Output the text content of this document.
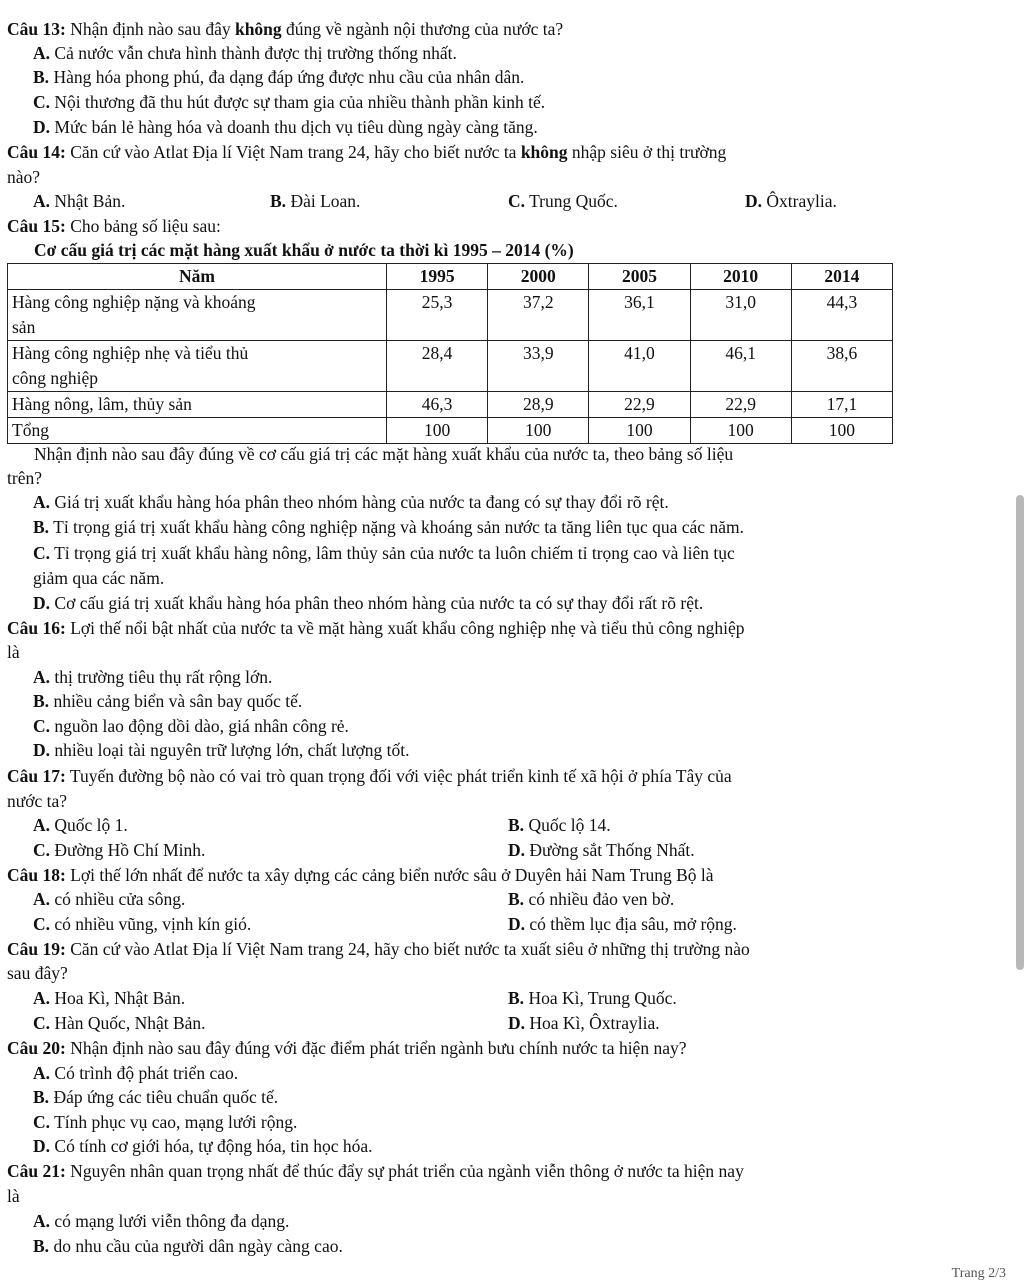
Câu 13: Nhận định nào sau đây không đúng về ngành nội thương của nước ta?
A. Cả nước vẫn chưa hình thành được thị trường thống nhất.
B. Hàng hóa phong phú, đa dạng đáp ứng được nhu cầu của nhân dân.
C. Nội thương đã thu hút được sự tham gia của nhiều thành phần kinh tế.
D. Mức bán lẻ hàng hóa và doanh thu dịch vụ tiêu dùng ngày càng tăng.
Câu 14: Căn cứ vào Atlat Địa lí Việt Nam trang 24, hãy cho biết nước ta không nhập siêu ở thị trường
nào?
A. Nhật Bản.	B. Đài Loan.	C. Trung Quốc.	D. Ôxtraylia.
Câu 15: Cho bảng số liệu sau:
Cơ cấu giá trị các mặt hàng xuất khẩu ở nước ta thời kì 1995 – 2014 (%)
Năm	1995	2000	2005	2010	2014

Hàng công nghiệp nặng và khoáng
sản	25,3	37,2	36,1	31,0	44,3

Hàng công nghiệp nhẹ và tiểu thủ
công nghiệp	28,4	33,9	41,0	46,1	38,6
Hàng nông, lâm, thủy sản	46,3	28,9	22,9	22,9	17,1
Tổng	100	100	100	100	100
Nhận định nào sau đây đúng về cơ cấu giá trị các mặt hàng xuất khẩu của nước ta, theo bảng số liệu
trên?
A. Giá trị xuất khẩu hàng hóa phân theo nhóm hàng của nước ta đang có sự thay đổi rõ rệt.
B. Tỉ trọng giá trị xuất khẩu hàng công nghiệp nặng và khoáng sản nước ta tăng liên tục qua các năm.
C. Tỉ trọng giá trị xuất khẩu hàng nông, lâm thủy sản của nước ta luôn chiếm tỉ trọng cao và liên tục
giảm qua các năm.
D. Cơ cấu giá trị xuất khẩu hàng hóa phân theo nhóm hàng của nước ta có sự thay đổi rất rõ rệt.
Câu 16: Lợi thế nổi bật nhất của nước ta về mặt hàng xuất khẩu công nghiệp nhẹ và tiểu thủ công nghiệp
là
A. thị trường tiêu thụ rất rộng lớn.
B. nhiều cảng biển và sân bay quốc tế.
C. nguồn lao động dồi dào, giá nhân công rẻ.
D. nhiều loại tài nguyên trữ lượng lớn, chất lượng tốt.
Câu 17: Tuyến đường bộ nào có vai trò quan trọng đối với việc phát triển kinh tế xã hội ở phía Tây của
nước ta?
A. Quốc lộ 1.	B. Quốc lộ 14.
C. Đường Hồ Chí Minh.	D. Đường sắt Thống Nhất.
Câu 18: Lợi thế lớn nhất để nước ta xây dựng các cảng biển nước sâu ở Duyên hải Nam Trung Bộ là
A. có nhiều cửa sông.	B. có nhiều đảo ven bờ.
C. có nhiều vũng, vịnh kín gió.	D. có thềm lục địa sâu, mở rộng.
Câu 19: Căn cứ vào Atlat Địa lí Việt Nam trang 24, hãy cho biết nước ta xuất siêu ở những thị trường nào
sau đây?
A. Hoa Kì, Nhật Bản.	B. Hoa Kì, Trung Quốc.
C. Hàn Quốc, Nhật Bản.	D. Hoa Kì, Ôxtraylia.
Câu 20: Nhận định nào sau đây đúng với đặc điểm phát triển ngành bưu chính nước ta hiện nay?
A. Có trình độ phát triển cao.
B. Đáp ứng các tiêu chuẩn quốc tế.
C. Tính phục vụ cao, mạng lưới rộng.
D. Có tính cơ giới hóa, tự động hóa, tin học hóa.
Câu 21: Nguyên nhân quan trọng nhất để thúc đẩy sự phát triển của ngành viễn thông ở nước ta hiện nay
là
A. có mạng lưới viễn thông đa dạng.
B. do nhu cầu của người dân ngày càng cao.
Trang 2/3
